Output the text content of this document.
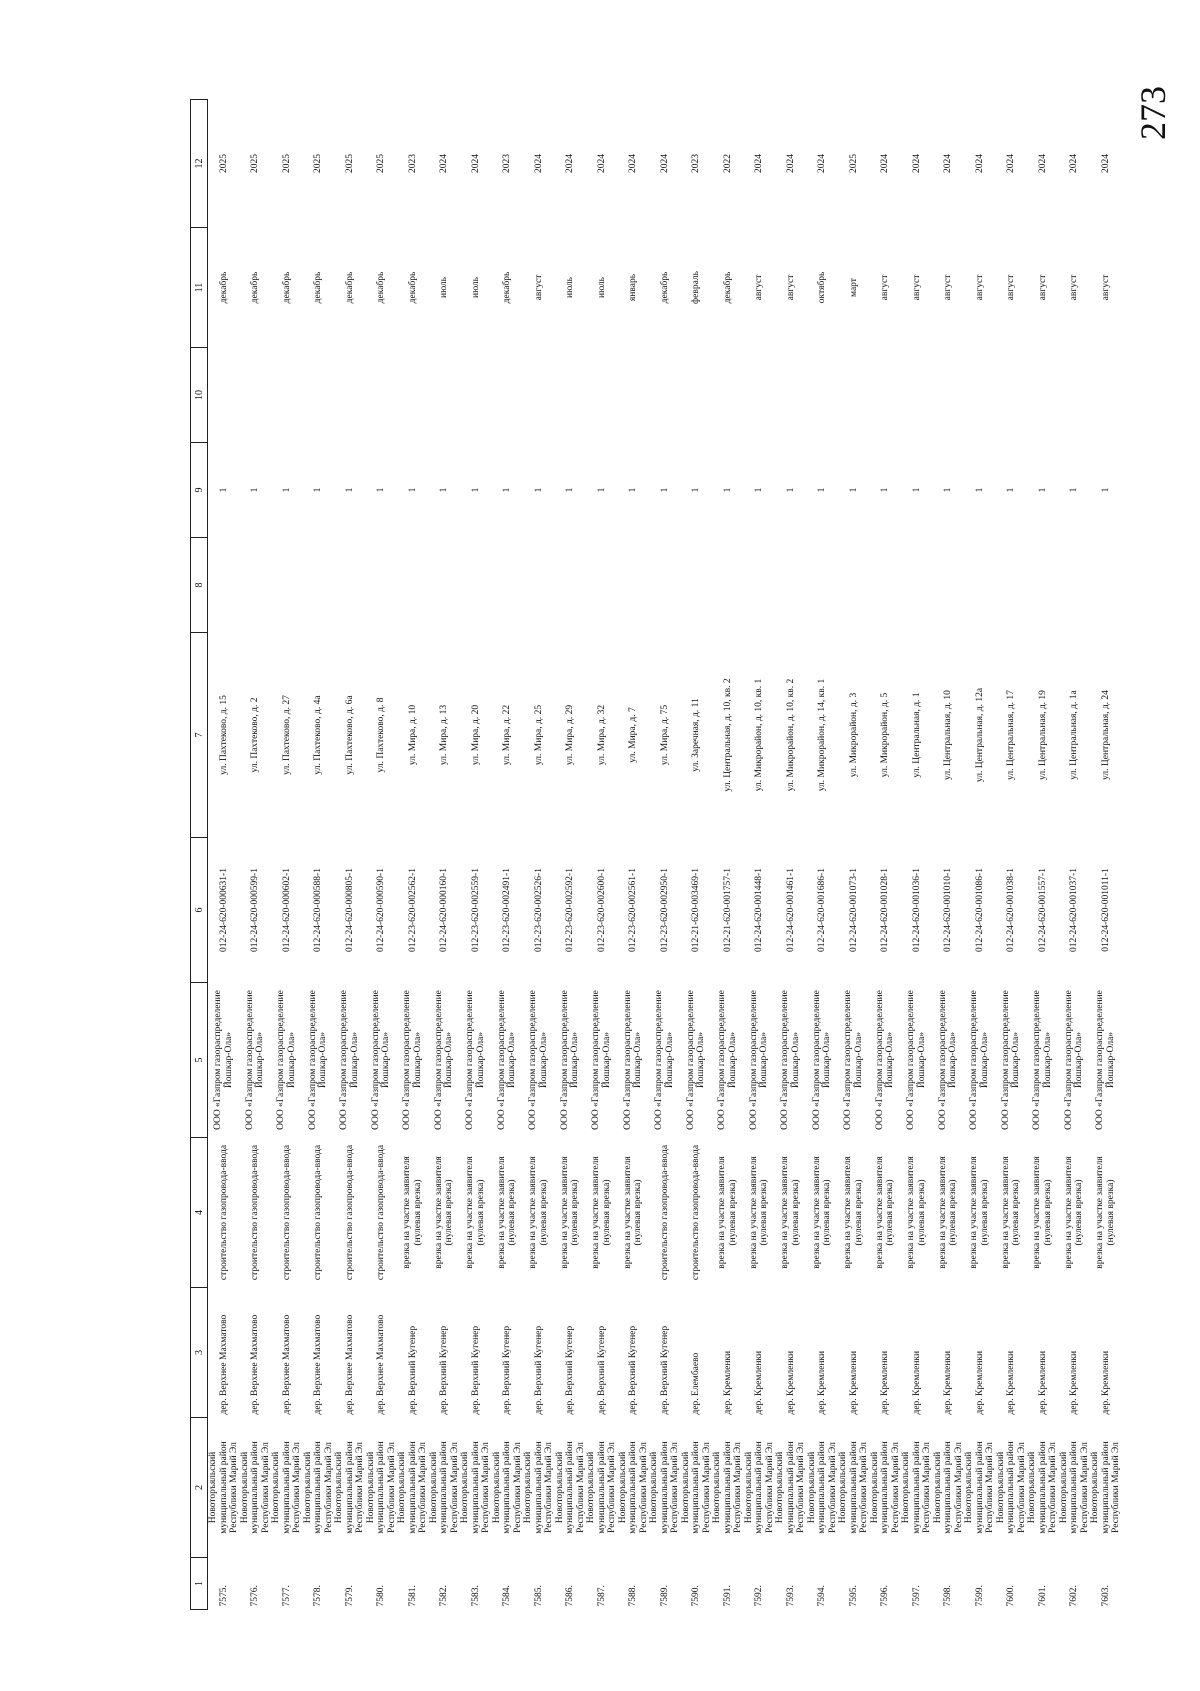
273
1	2	3	4	5	6	7	8	9	10	11	12
7575.	Новоторъяльский муниципальный район Республики Марий Эл	дер. Верхнее Махматово	строительство газопровода-ввода	ООО «Газпром газораспределение Йошкар-Ола»	012-24-620-000631-1	ул. Пахтеково, д. 15		1		декабрь	2025
7576.	Новоторъяльский муниципальный район Республики Марий Эл	дер. Верхнее Махматово	строительство газопровода-ввода	ООО «Газпром газораспределение Йошкар-Ола»	012-24-620-000599-1	ул. Пахтеково, д. 2		1		декабрь	2025
7577.	Новоторъяльский муниципальный район Республики Марий Эл	дер. Верхнее Махматово	строительство газопровода-ввода	ООО «Газпром газораспределение Йошкар-Ола»	012-24-620-000602-1	ул. Пахтеково, д. 27		1		декабрь	2025
7578.	Новоторъяльский муниципальный район Республики Марий Эл	дер. Верхнее Махматово	строительство газопровода-ввода	ООО «Газпром газораспределение Йошкар-Ола»	012-24-620-000588-1	ул. Пахтеково, д. 4а		1		декабрь	2025
7579.	Новоторъяльский муниципальный район Республики Марий Эл	дер. Верхнее Махматово	строительство газопровода-ввода	ООО «Газпром газораспределение Йошкар-Ола»	012-24-620-000805-1	ул. Пахтеково, д. 6а		1		декабрь	2025
7580.	Новоторъяльский муниципальный район Республики Марий Эл	дер. Верхнее Махматово	строительство газопровода-ввода	ООО «Газпром газораспределение Йошкар-Ола»	012-24-620-000590-1	ул. Пахтеково, д. 8		1		декабрь	2025
7581.	Новоторъяльский муниципальный район Республики Марий Эл	дер. Верхний Кугенер	врезка на участке заявителя (нулевая врезка)	ООО «Газпром газораспределение Йошкар-Ола»	012-23-620-002562-1	ул. Мира, д. 10		1		декабрь	2023
7582.	Новоторъяльский муниципальный район Республики Марий Эл	дер. Верхний Кугенер	врезка на участке заявителя (нулевая врезка)	ООО «Газпром газораспределение Йошкар-Ола»	012-24-620-000160-1	ул. Мира, д. 13		1		июль	2024
7583.	Новоторъяльский муниципальный район Республики Марий Эл	дер. Верхний Кугенер	врезка на участке заявителя (нулевая врезка)	ООО «Газпром газораспределение Йошкар-Ола»	012-23-620-002559-1	ул. Мира, д. 20		1		июль	2024
7584.	Новоторъяльский муниципальный район Республики Марий Эл	дер. Верхний Кугенер	врезка на участке заявителя (нулевая врезка)	ООО «Газпром газораспределение Йошкар-Ола»	012-23-620-002491-1	ул. Мира, д. 22		1		декабрь	2023
7585.	Новоторъяльский муниципальный район Республики Марий Эл	дер. Верхний Кугенер	врезка на участке заявителя (нулевая врезка)	ООО «Газпром газораспределение Йошкар-Ола»	012-23-620-002526-1	ул. Мира, д. 25		1		август	2024
7586.	Новоторъяльский муниципальный район Республики Марий Эл	дер. Верхний Кугенер	врезка на участке заявителя (нулевая врезка)	ООО «Газпром газораспределение Йошкар-Ола»	012-23-620-002592-1	ул. Мира, д. 29		1		июль	2024
7587.	Новоторъяльский муниципальный район Республики Марий Эл	дер. Верхний Кугенер	врезка на участке заявителя (нулевая врезка)	ООО «Газпром газораспределение Йошкар-Ола»	012-23-620-002600-1	ул. Мира, д. 32		1		июль	2024
7588.	Новоторъяльский муниципальный район Республики Марий Эл	дер. Верхний Кугенер	врезка на участке заявителя (нулевая врезка)	ООО «Газпром газораспределение Йошкар-Ола»	012-23-620-002561-1	ул. Мира, д. 7		1		январь	2024
7589.	Новоторъяльский муниципальный район Республики Марий Эл	дер. Верхний Кугенер	строительство газопровода-ввода	ООО «Газпром газораспределение Йошкар-Ола»	012-23-620-002950-1	ул. Мира, д. 75		1		декабрь	2024
7590.	Новоторъяльский муниципальный район Республики Марий Эл	дер. Елембаево	строительство газопровода-ввода	ООО «Газпром газораспределение Йошкар-Ола»	012-21-620-003469-1	ул. Заречная, д. 11		1		февраль	2023
7591.	Новоторъяльский муниципальный район Республики Марий Эл	дер. Кремленки	врезка на участке заявителя (нулевая врезка)	ООО «Газпром газораспределение Йошкар-Ола»	012-21-620-001757-1	ул. Центральная, д. 10, кв. 2		1		декабрь	2022
7592.	Новоторъяльский муниципальный район Республики Марий Эл	дер. Кремленки	врезка на участке заявителя (нулевая врезка)	ООО «Газпром газораспределение Йошкар-Ола»	012-24-620-001448-1	ул. Микрорайон, д. 10, кв. 1		1		август	2024
7593.	Новоторъяльский муниципальный район Республики Марий Эл	дер. Кремленки	врезка на участке заявителя (нулевая врезка)	ООО «Газпром газораспределение Йошкар-Ола»	012-24-620-001461-1	ул. Микрорайон, д. 10, кв. 2		1		август	2024
7594.	Новоторъяльский муниципальный район Республики Марий Эл	дер. Кремленки	врезка на участке заявителя (нулевая врезка)	ООО «Газпром газораспределение Йошкар-Ола»	012-24-620-001686-1	ул. Микрорайон, д. 14, кв. 1		1		октябрь	2024
7595.	Новоторъяльский муниципальный район Республики Марий Эл	дер. Кремленки	врезка на участке заявителя (нулевая врезка)	ООО «Газпром газораспределение Йошкар-Ола»	012-24-620-001073-1	ул. Микрорайон, д. 3		1		март	2025
7596.	Новоторъяльский муниципальный район Республики Марий Эл	дер. Кремленки	врезка на участке заявителя (нулевая врезка)	ООО «Газпром газораспределение Йошкар-Ола»	012-24-620-001028-1	ул. Микрорайон, д. 5		1		август	2024
7597.	Новоторъяльский муниципальный район Республики Марий Эл	дер. Кремленки	врезка на участке заявителя (нулевая врезка)	ООО «Газпром газораспределение Йошкар-Ола»	012-24-620-001036-1	ул. Центральная, д. 1		1		август	2024
7598.	Новоторъяльский муниципальный район Республики Марий Эл	дер. Кремленки	врезка на участке заявителя (нулевая врезка)	ООО «Газпром газораспределение Йошкар-Ола»	012-24-620-001010-1	ул. Центральная, д. 10		1		август	2024
7599.	Новоторъяльский муниципальный район Республики Марий Эл	дер. Кремленки	врезка на участке заявителя (нулевая врезка)	ООО «Газпром газораспределение Йошкар-Ола»	012-24-620-001086-1	ул. Центральная, д. 12а		1		август	2024
7600.	Новоторъяльский муниципальный район Республики Марий Эл	дер. Кремленки	врезка на участке заявителя (нулевая врезка)	ООО «Газпром газораспределение Йошкар-Ола»	012-24-620-001038-1	ул. Центральная, д. 17		1		август	2024
7601.	Новоторъяльский муниципальный район Республики Марий Эл	дер. Кремленки	врезка на участке заявителя (нулевая врезка)	ООО «Газпром газораспределение Йошкар-Ола»	012-24-620-001557-1	ул. Центральная, д. 19		1		август	2024
7602.	Новоторъяльский муниципальный район Республики Марий Эл	дер. Кремленки	врезка на участке заявителя (нулевая врезка)	ООО «Газпром газораспределение Йошкар-Ола»	012-24-620-001037-1	ул. Центральная, д. 1а		1		август	2024
7603.	Новоторъяльский муниципальный район Республики Марий Эл	дер. Кремленки	врезка на участке заявителя (нулевая врезка)	ООО «Газпром газораспределение Йошкар-Ола»	012-24-620-001011-1	ул. Центральная, д. 24		1		август	2024
